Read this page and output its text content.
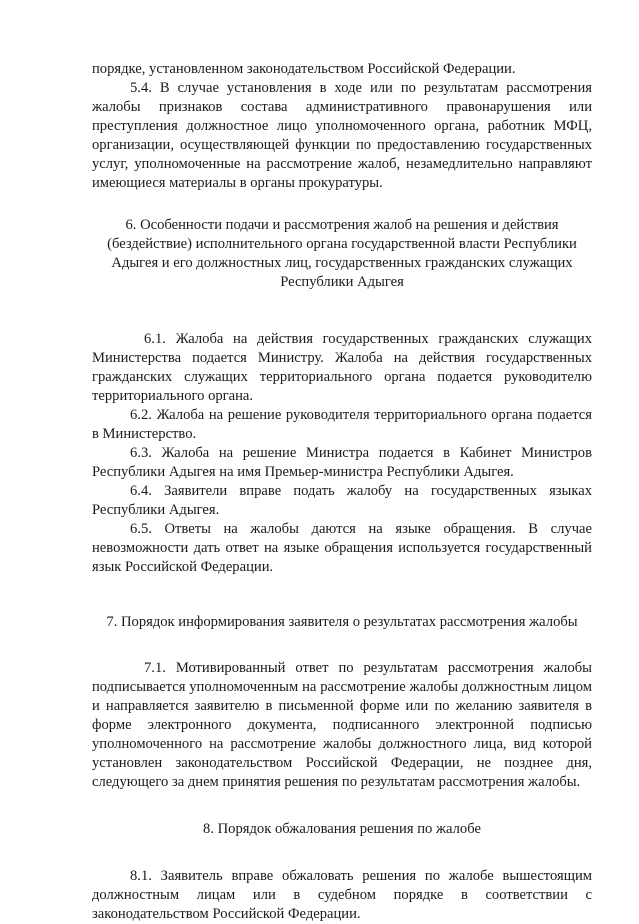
порядке, установленном законодательством Российской Федерации.

5.4. В случае установления в ходе или по результатам рассмотрения жалобы признаков состава административного правонарушения или преступления должностное лицо уполномоченного органа, работник МФЦ, организации, осуществляющей функции по предоставлению государственных услуг, уполномоченные на рассмотрение жалоб, незамедлительно направляют имеющиеся материалы в органы прокуратуры.

6. Особенности подачи и рассмотрения жалоб на решения и действия (бездействие) исполнительного органа государственной власти Республики Адыгея и его должностных лиц, государственных гражданских служащих Республики Адыгея

6.1. Жалоба на действия государственных гражданских служащих Министерства подается Министру. Жалоба на действия государственных гражданских служащих территориального органа подается руководителю территориального органа.

6.2. Жалоба на решение руководителя территориального органа подается в Министерство.

6.3. Жалоба на решение Министра подается в Кабинет Министров Республики Адыгея на имя Премьер-министра Республики Адыгея.

6.4. Заявители вправе подать жалобу на государственных языках Республики Адыгея.

6.5. Ответы на жалобы даются на языке обращения. В случае невозможности дать ответ на языке обращения используется государственный язык Российской Федерации.

7. Порядок информирования заявителя о результатах рассмотрения жалобы

7.1. Мотивированный ответ по результатам рассмотрения жалобы подписывается уполномоченным на рассмотрение жалобы должностным лицом и направляется заявителю в письменной форме или по желанию заявителя в форме электронного документа, подписанного электронной подписью уполномоченного на рассмотрение жалобы должностного лица, вид которой установлен законодательством Российской Федерации, не позднее дня, следующего за днем принятия решения по результатам рассмотрения жалобы.

8. Порядок обжалования решения по жалобе

8.1. Заявитель вправе обжаловать решения по жалобе вышестоящим должностным лицам или в судебном порядке в соответствии с законодательством Российской Федерации.
